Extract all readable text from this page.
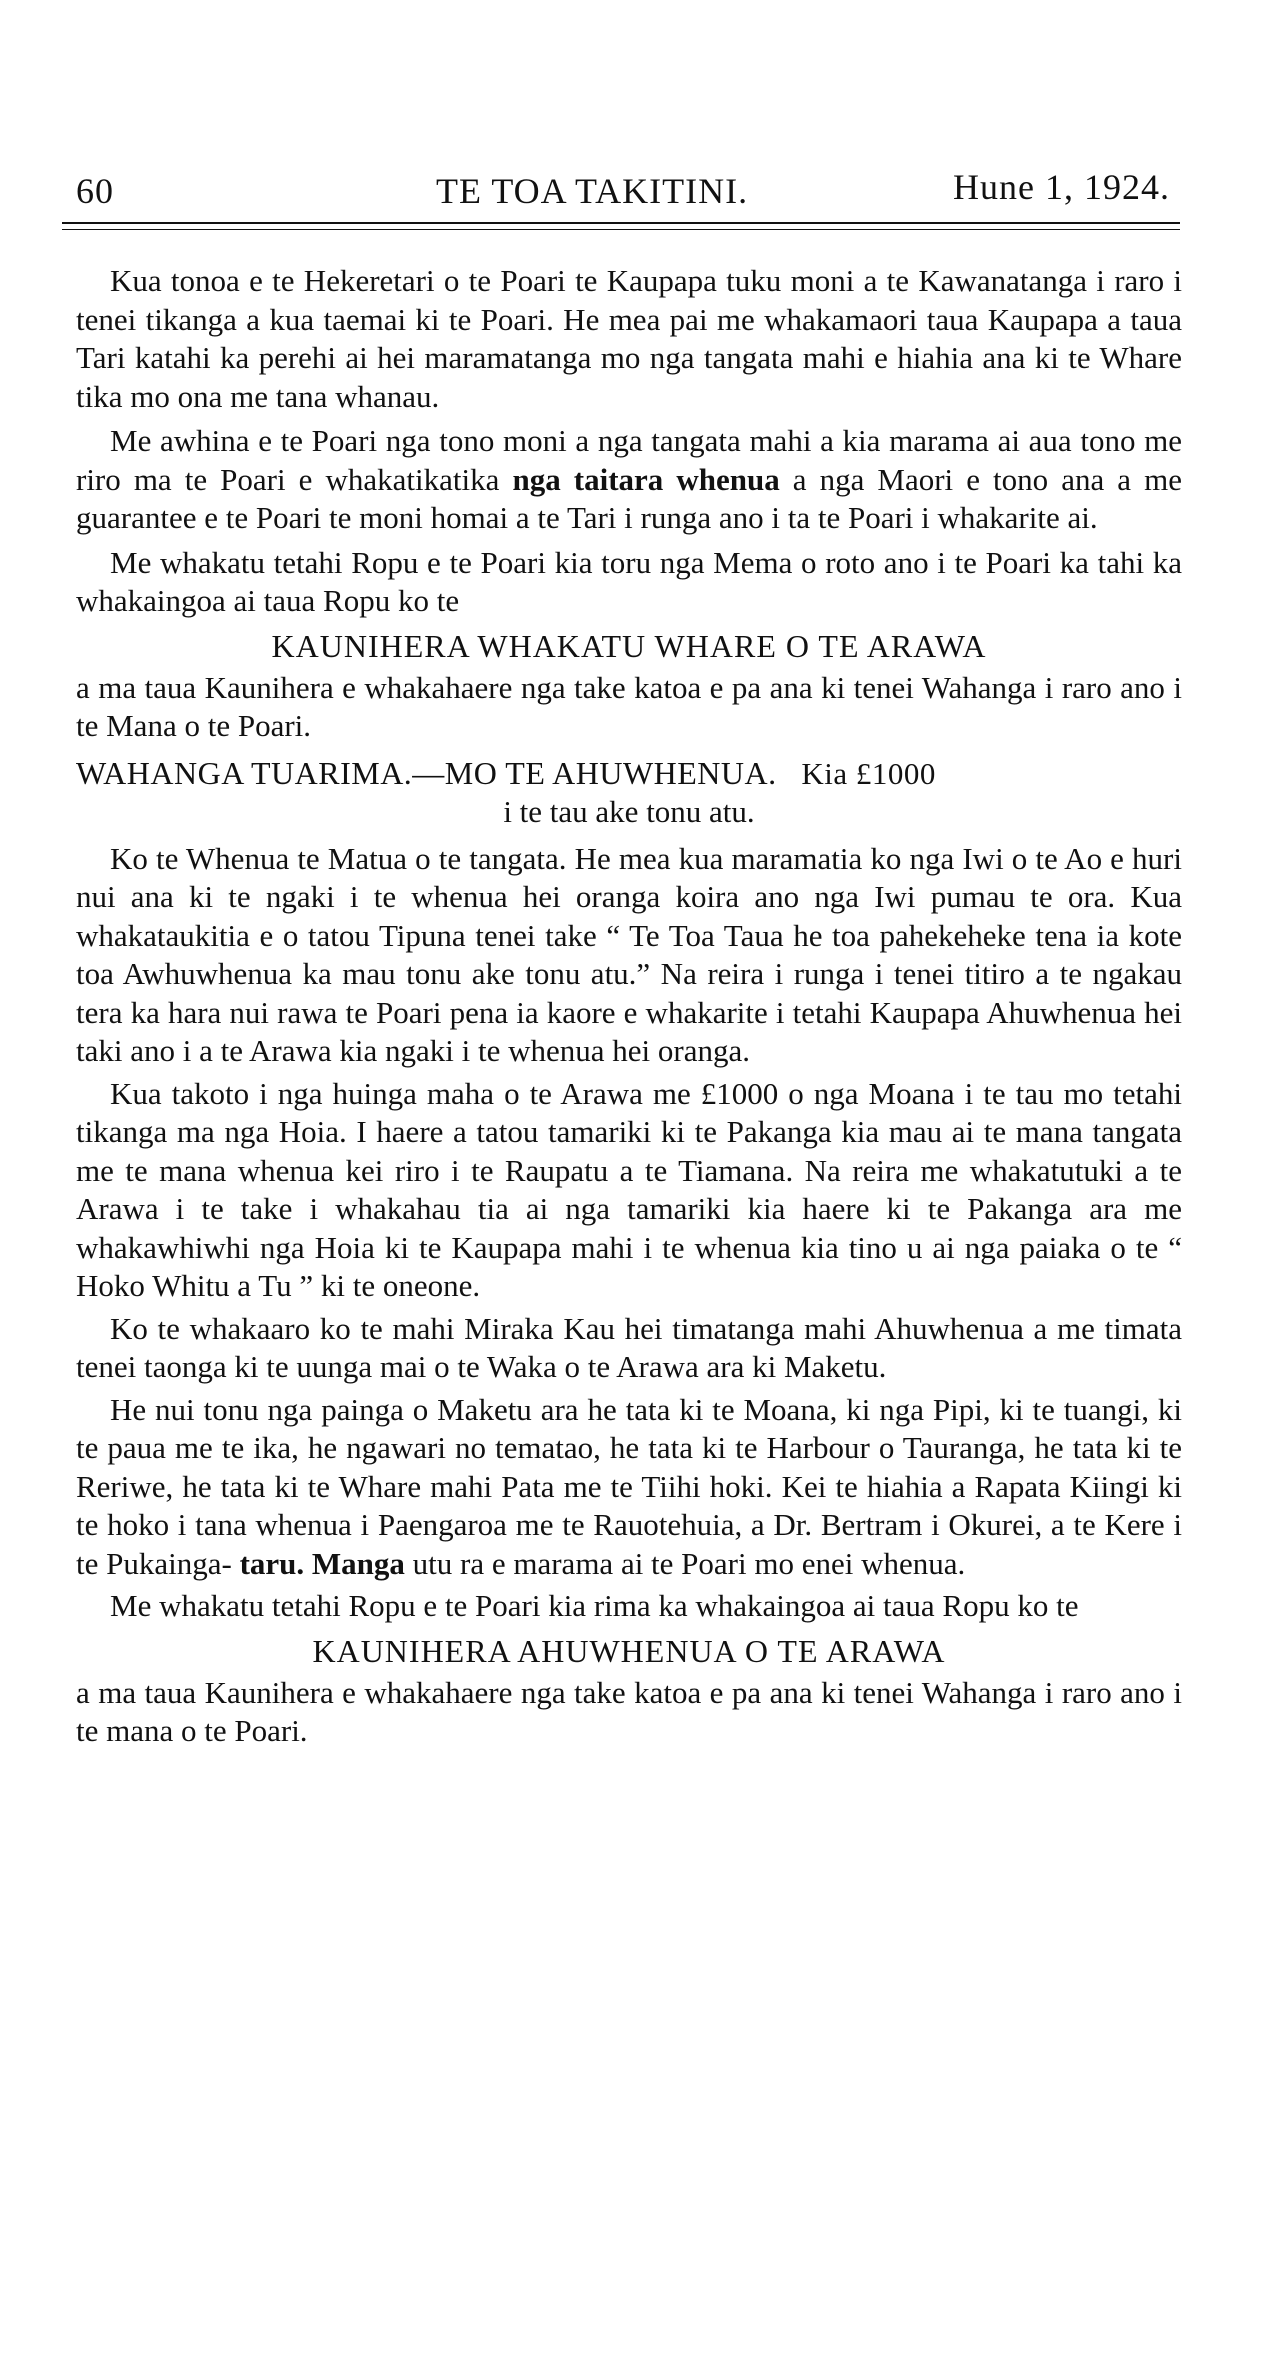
60	TE TOA TAKITINI.	Hune 1, 1924.

Kua tonoa e te Hekeretari o te Poari te Kaupapa tuku moni a te Kawanatanga i raro i tenei tikanga a kua taemai ki te Poari. He mea pai me whakamaori taua Kaupapa a taua Tari katahi ka perehi ai hei maramatanga mo nga tangata mahi e hiahia ana ki te Whare tika mo ona me tana whanau.

Me awhina e te Poari nga tono moni a nga tangata mahi a kia marama ai aua tono me riro ma te Poari e whakatikatika nga taitara whenua a nga Maori e tono ana a me guarantee e te Poari te moni homai a te Tari i runga ano i ta te Poari i whakarite ai.

Me whakatu tetahi Ropu e te Poari kia toru nga Mema o roto ano i te Poari ka tahi ka whakaingoa ai taua Ropu ko te

KAUNIHERA WHAKATU WHARE O TE ARAWA

a ma taua Kaunihera e whakahaere nga take katoa e pa ana ki tenei Wahanga i raro ano i te Mana o te Poari.

WAHANGA TUARIMA.—MO TE AHUWHENUA. Kia £1000
i te tau ake tonu atu.

Ko te Whenua te Matua o te tangata. He mea kua maramatia ko nga Iwi o te Ao e huri nui ana ki te ngaki i te whenua hei oranga koira ano nga Iwi pumau te ora. Kua whakataukitia e o tatou Tipuna tenei take “ Te Toa Taua he toa pahekeheke tena ia kote toa Awhuwhenua ka mau tonu ake tonu atu.” Na reira i runga i tenei titiro a te ngakau tera ka hara nui rawa te Poari pena ia kaore e whakarite i tetahi Kaupapa Ahuwhenua hei taki ano i a te Arawa kia ngaki i te whenua hei oranga.

Kua takoto i nga huinga maha o te Arawa me £1000 o nga Moana i te tau mo tetahi tikanga ma nga Hoia. I haere a tatou tamariki ki te Pakanga kia mau ai te mana tangata me te mana whenua kei riro i te Raupatu a te Tiamana. Na reira me whakatutuki a te Arawa i te take i whakahau tia ai nga tamariki kia haere ki te Pakanga ara me whakawhiwhi nga Hoia ki te Kaupapa mahi i te whenua kia tino u ai nga paiaka o te “ Hoko Whitu a Tu ” ki te oneone.

Ko te whakaaro ko te mahi Miraka Kau hei timatanga mahi Ahuwhenua a me timata tenei taonga ki te uunga mai o te Waka o te Arawa ara ki Maketu.

He nui tonu nga painga o Maketu ara he tata ki te Moana, ki nga Pipi, ki te tuangi, ki te paua me te ika, he ngawari no tematao, he tata ki te Harbour o Tauranga, he tata ki te Reriwe, he tata ki te Whare mahi Pata me te Tiihi hoki. Kei te hiahia a Rapata Kiingi ki te hoko i tana whenua i Paengaroa me te Rauotehuia, a Dr. Bertram i Okurei, a te Kere i te Pukainga- taru. Manga utu ra e marama ai te Poari mo enei whenua.

Me whakatu tetahi Ropu e te Poari kia rima ka whakaingoa ai taua Ropu ko te

KAUNIHERA AHUWHENUA O TE ARAWA

a ma taua Kaunihera e whakahaere nga take katoa e pa ana ki tenei Wahanga i raro ano i te mana o te Poari.
